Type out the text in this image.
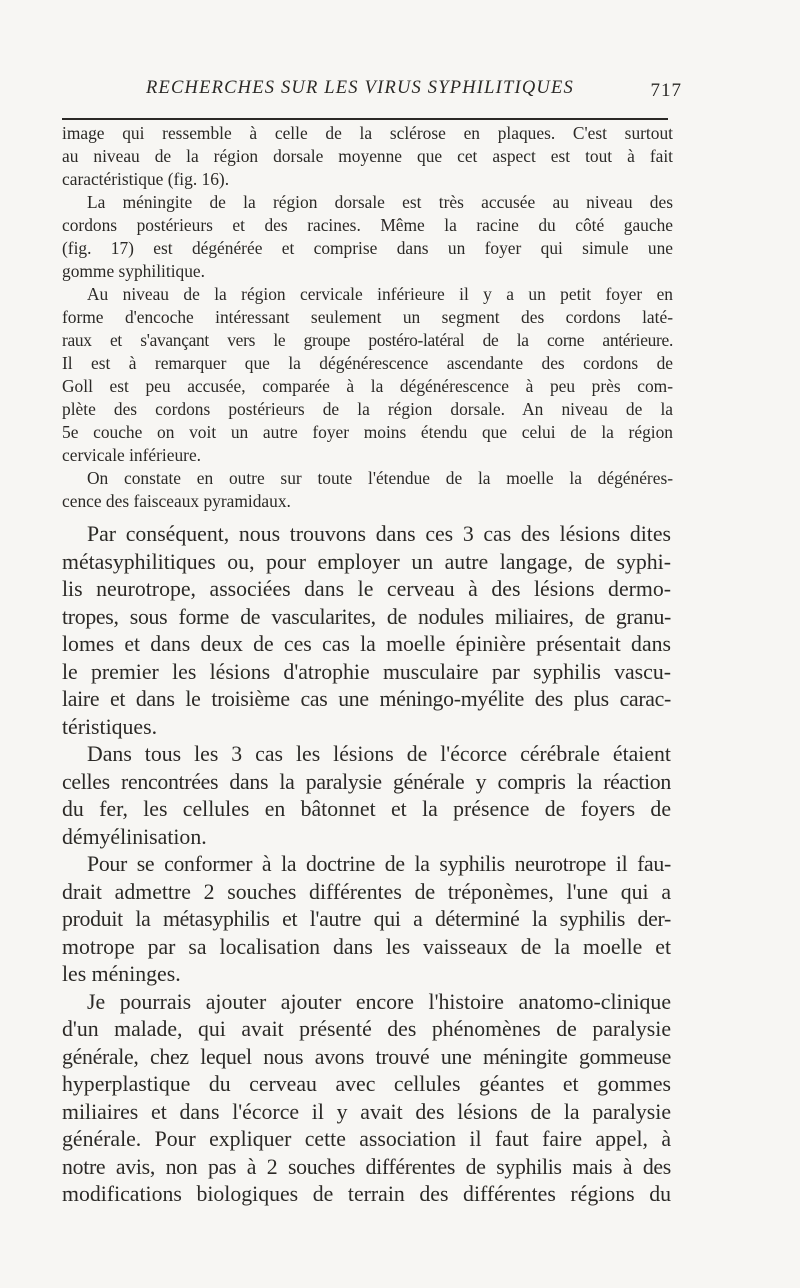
RECHERCHES SUR LES VIRUS SYPHILITIQUES	717

image qui ressemble à celle de la sclérose en plaques. C'est surtout
au niveau de la région dorsale moyenne que cet aspect est tout à fait
caractéristique (fig. 16).

La méningite de la région dorsale est très accusée au niveau des
cordons postérieurs et des racines. Même la racine du côté gauche
(fig. 17) est dégénérée et comprise dans un foyer qui simule une
gomme syphilitique.

Au niveau de la région cervicale inférieure il y a un petit foyer en
forme d'encoche intéressant seulement un segment des cordons laté-
raux et s'avançant vers le groupe postéro-latéral de la corne antérieure.
Il est à remarquer que la dégénérescence ascendante des cordons de
Goll est peu accusée, comparée à la dégénérescence à peu près com-
plète des cordons postérieurs de la région dorsale. An niveau de la
5e couche on voit un autre foyer moins étendu que celui de la région
cervicale inférieure.

On constate en outre sur toute l'étendue de la moelle la dégénéres-
cence des faisceaux pyramidaux.

Par conséquent, nous trouvons dans ces 3 cas des lésions dites
métasyphilitiques ou, pour employer un autre langage, de syphi-
lis neurotrope, associées dans le cerveau à des lésions dermo-
tropes, sous forme de vascularites, de nodules miliaires, de granu-
lomes et dans deux de ces cas la moelle épinière présentait dans
le premier les lésions d'atrophie musculaire par syphilis vascu-
laire et dans le troisième cas une méningo-myélite des plus carac-
téristiques.

Dans tous les 3 cas les lésions de l'écorce cérébrale étaient
celles rencontrées dans la paralysie générale y compris la réaction
du fer, les cellules en bâtonnet et la présence de foyers de
démyélinisation.

Pour se conformer à la doctrine de la syphilis neurotrope il fau-
drait admettre 2 souches différentes de tréponèmes, l'une qui a
produit la métasyphilis et l'autre qui a déterminé la syphilis der-
motrope par sa localisation dans les vaisseaux de la moelle et
les méninges.

Je pourrais ajouter ajouter encore l'histoire anatomo-clinique
d'un malade, qui avait présenté des phénomènes de paralysie
générale, chez lequel nous avons trouvé une méningite gommeuse
hyperplastique du cerveau avec cellules géantes et gommes
miliaires et dans l'écorce il y avait des lésions de la paralysie
générale. Pour expliquer cette association il faut faire appel, à
notre avis, non pas à 2 souches différentes de syphilis mais à des
modifications biologiques de terrain des différentes régions du
